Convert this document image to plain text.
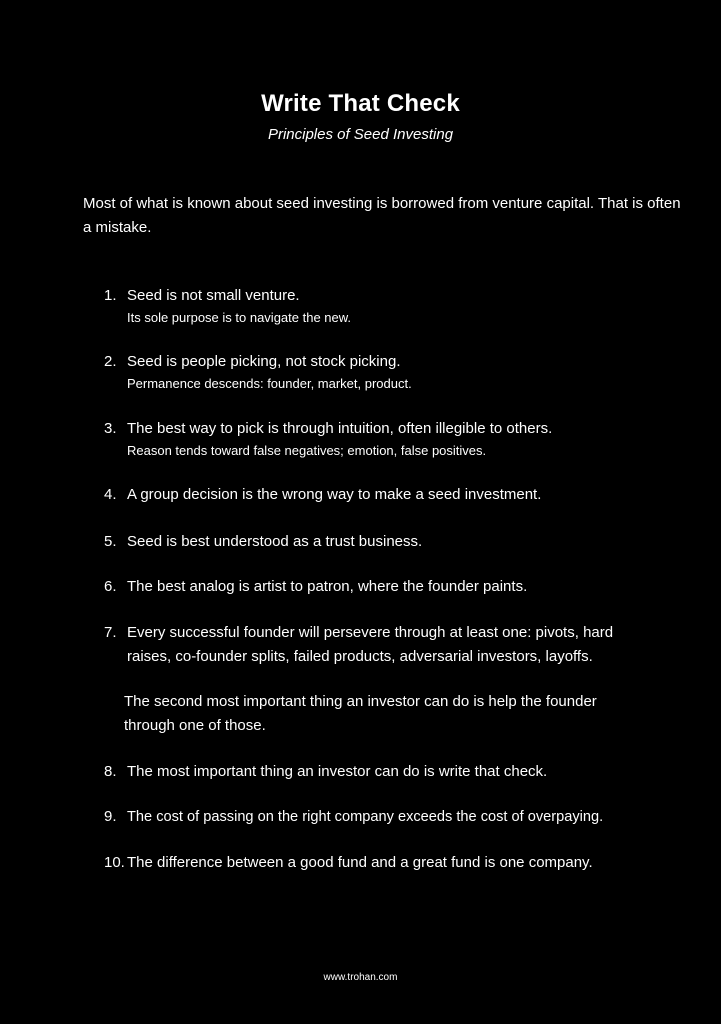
Write That Check
Principles of Seed Investing
Most of what is known about seed investing is borrowed from venture capital. That is often a mistake.
1. Seed is not small venture.
Its sole purpose is to navigate the new.
2. Seed is people picking, not stock picking.
Permanence descends: founder, market, product.
3. The best way to pick is through intuition, often illegible to others.
Reason tends toward false negatives; emotion, false positives.
4. A group decision is the wrong way to make a seed investment.
5. Seed is best understood as a trust business.
6. The best analog is artist to patron, where the founder paints.
7. Every successful founder will persevere through at least one: pivots, hard raises, co-founder splits, failed products, adversarial investors, layoffs.
The second most important thing an investor can do is help the founder through one of those.
8. The most important thing an investor can do is write that check.
9. The cost of passing on the right company exceeds the cost of overpaying.
10. The difference between a good fund and a great fund is one company.
www.trohan.com
